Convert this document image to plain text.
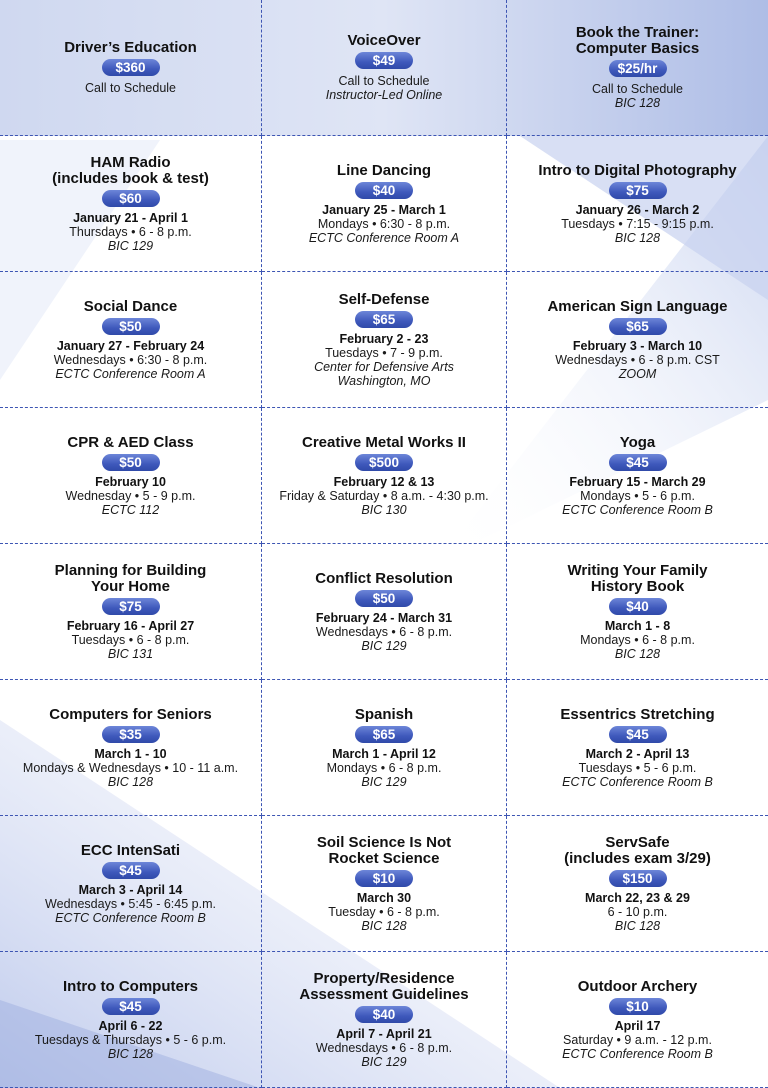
Driver’s Education
$360
Call to Schedule
VoiceOver
$49
Call to Schedule
Instructor-Led Online
Book the Trainer:
Computer Basics
$25/hr
Call to Schedule
BIC 128
HAM Radio
(includes book & test)
$60
January 21 - April 1
Thursdays • 6 - 8 p.m.
BIC 129
Line Dancing
$40
January 25 - March 1
Mondays • 6:30 - 8 p.m.
ECTC Conference Room A
Intro to Digital Photography
$75
January 26 - March 2
Tuesdays • 7:15 - 9:15 p.m.
BIC 128
Social Dance
$50
January 27 - February 24
Wednesdays • 6:30 - 8 p.m.
ECTC Conference Room A
Self-Defense
$65
February 2 - 23
Tuesdays • 7 - 9 p.m.
Center for Defensive Arts
Washington, MO
American Sign Language
$65
February 3 - March 10
Wednesdays • 6 - 8 p.m. CST
ZOOM
CPR & AED Class
$50
February 10
Wednesday • 5 - 9 p.m.
ECTC 112
Creative Metal Works II
$500
February 12 & 13
Friday & Saturday • 8 a.m. - 4:30 p.m.
BIC 130
Yoga
$45
February 15 - March 29
Mondays • 5 - 6 p.m.
ECTC Conference Room B
Planning for Building
Your Home
$75
February 16 - April 27
Tuesdays • 6 - 8 p.m.
BIC 131
Conflict Resolution
$50
February 24 - March 31
Wednesdays • 6 - 8 p.m.
BIC 129
Writing Your Family
History Book
$40
March 1 - 8
Mondays • 6 - 8 p.m.
BIC 128
Computers for Seniors
$35
March 1 - 10
Mondays & Wednesdays • 10 - 11 a.m.
BIC 128
Spanish
$65
March 1 - April 12
Mondays • 6 - 8 p.m.
BIC 129
Essentrics Stretching
$45
March 2 - April 13
Tuesdays • 5 - 6 p.m.
ECTC Conference Room B
ECC IntenSati
$45
March 3 - April 14
Wednesdays • 5:45 - 6:45 p.m.
ECTC Conference Room B
Soil Science Is Not
Rocket Science
$10
March 30
Tuesday • 6 - 8 p.m.
BIC 128
ServSafe
(includes exam 3/29)
$150
March 22, 23 & 29
6 - 10 p.m.
BIC 128
Intro to Computers
$45
April 6 - 22
Tuesdays & Thursdays • 5 - 6 p.m.
BIC 128
Property/Residence
Assessment Guidelines
$40
April 7 - April 21
Wednesdays • 6 - 8 p.m.
BIC 129
Outdoor Archery
$10
April 17
Saturday • 9 a.m. - 12 p.m.
ECTC Conference Room B
